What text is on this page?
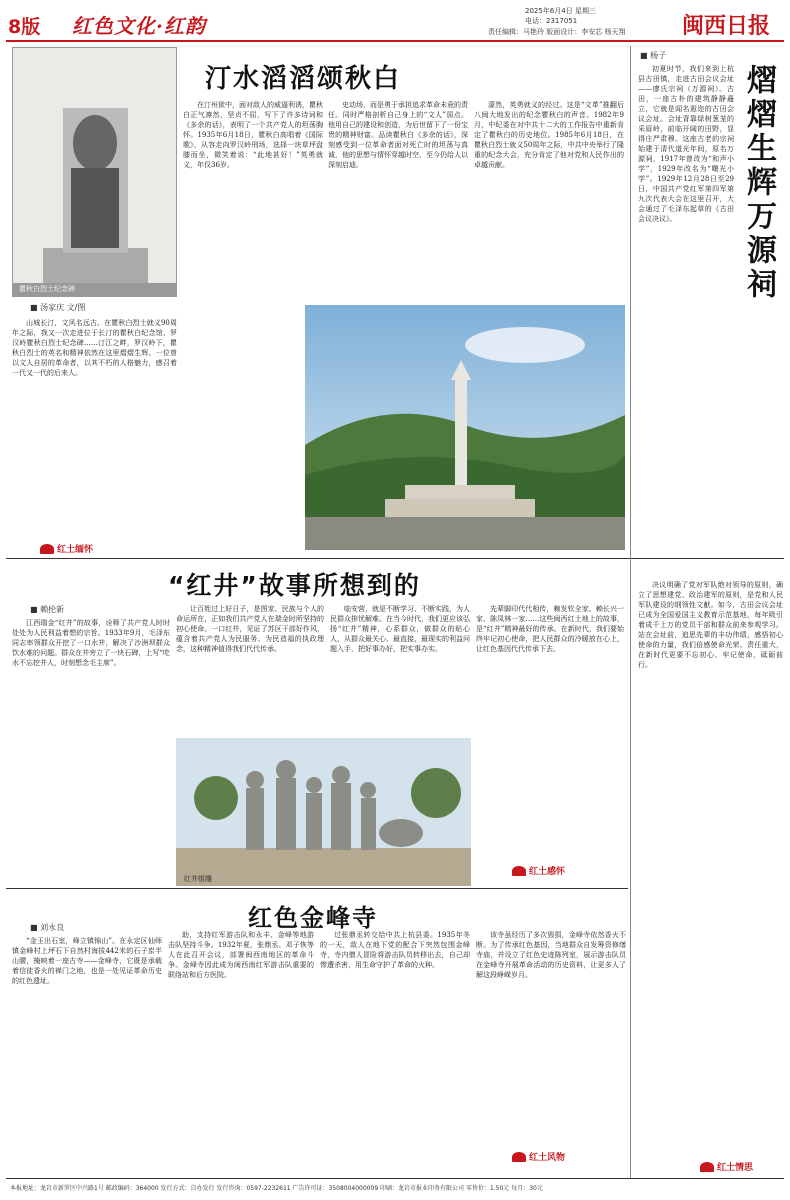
8版 红色文化·红韵
2025年6月4日 星期三
电话：2317051
责任编辑：马艳玲 版面设计：李安芯 杨天翔	闽西日报
汀水滔滔颂秋白
瞿秋白烈士纪念碑
■ 汤家庆 文/图

山城长汀，文风名远古。在瞿秋白烈士就义90周年之际，我又一次走进位于长汀的瞿秋白纪念馆、罗汉岭瞿秋白烈士纪念碑……汀江之畔，罗汉岭下，瞿秋白烈士的英名和精神依然在这里熠熠生辉。一位曾以文人自居的革命者，以其不朽的人格魅力，感召着一代又一代的后来人。

红土缅怀

在汀州狱中，面对敌人的威逼利诱，瞿秋白正气凛然，坚贞不屈，写下了许多诗词和《多余的话》，表明了一个共产党人的坦荡胸怀。1935年6月18日，瞿秋白高唱着《国际歌》，从容走向罗汉岭刑场，选择一块草坪盘膝而坐，微笑着说：“此地甚好！”英勇就义，年仅36岁。

史动场，而是勇于承担追求革命未竟的责任。同时严格剖析自己身上的“文人”弱点。他用自己的建设和创造，为后世留下了一份宝贵的精神财富。品读瞿秋白《多余的话》，深刻感受到一位革命者面对死亡时的坦荡与真诚，他的思想与情怀穿越时空，至今仍给人以深刻启迪。

濛然，英勇就义的经过。这是“文革”推翻后八闽大地发出的纪念瞿秋白的声音。1982年9月，中纪委在对中共十二大的工作报告中重新肯定了瞿秋白的历史地位。1985年6月18日，在瞿秋白烈士就义50周年之际，中共中央举行了隆重的纪念大会，充分肯定了他对党和人民作出的卓越贡献。

“红井”故事所想到的
■ 赖抡新

江西瑞金“红井”的故事，诠释了共产党人时时处处为人民利益着想的宗旨。1933年9月，毛泽东同志率领群众开挖了一口水井，解决了沙洲坝群众饮水难的问题。群众在井旁立了一块石碑，上写“吃水不忘挖井人，时刻想念毛主席”。

让百姓过上好日子，是图家、民族与个人的命运所在，正如我们共产党人在瑞金时所坚持的初心使命。一口红井，见证了苏区干部好作风，蕴含着共产党人为民服务、为民造福的执政理念，这种精神值得我们代代传承。

临安营，就是不断学习、不断实践，为人民群众排忧解难。在当今时代，我们更应该弘扬“红井”精神，心系群众，做群众的贴心人，从群众最关心、最直接、最现实的利益问题入手，把好事办好，把实事办实。

先辈脚印代代相传，赖发钦全家、赖长兴一家、陈凤林一家……这些闽西红土地上的故事，是“红井”精神最好的传承。在新时代，我们要始终牢记初心使命，把人民群众的冷暖放在心上，让红色基因代代传承下去。

红井组雕
红土感怀
红色金峰寺
■ 刘永良

“金玉出石室，峰立镇锦山”。在永定区仙师镇金峰村上坪石下自然村海拔442米的石子岽半山腰，掩映着一座古寺——金峰寺，它既是承载着信徒香火的禅门之地，也是一处见证革命历史的红色遗址。

助，支持红军游击队和永丰、金峰等地游击队坚持斗争。1932年夏，张鼎丞、邓子恢等人在此召开会议，部署闽西南地区的革命斗争。金峰寺因此成为闽西南红军游击队重要的联络站和后方医院。

过张鼎丞转交给中共上杭县委。1935年冬的一天，敌人在地下党的配合下突然包围金峰寺，寺内僧人冒险将游击队员转移出去，自己却惨遭杀害，用生命守护了革命的火种。

该寺虽经历了多次毁损，金峰寺依然香火不断。为了传承红色基因，当地群众自发筹资修缮寺庙，并设立了红色史迹陈列室，展示游击队员在金峰寺开展革命活动的历史资料，让更多人了解这段峥嵘岁月。

红土风物
■ 杨子
熠熠生辉万源祠

初夏时节，我们来到上杭县古田镇，走进古田会议会址——廖氏宗祠（万源祠）。古田，一座古朴的建筑静静矗立，它就是闻名遐迩的古田会议会址。会址背靠绿树葱茏的采眉岭，前临开阔的田野，显得庄严肃穆。这座古老的宗祠始建于清代道光年间，原名万源祠，1917年曾改为“和声小学”，1929年改名为“曙光小学”。1929年12月28日至29日，中国共产党红军第四军第九次代表大会在这里召开，大会通过了毛泽东起草的《古田会议决议》。

决议明确了党对军队绝对领导的原则，确立了思想建党、政治建军的原则，是党和人民军队建设的纲领性文献。如今，古田会议会址已成为全国爱国主义教育示范基地，每年吸引着成千上万的党员干部和群众前来参观学习。站在会址前，追思先辈的丰功伟绩，感悟初心使命的力量，我们倍感使命光荣、责任重大，在新时代更要不忘初心、牢记使命，砥砺前行。

红土情思
本报地址：龙岩市新罗区中兴路1号 邮政编码：364000 发行方式：自办发行 发行咨询：0597-2232611 广告许可证：3508004000009 印刷：龙岩市报业印务有限公司 零售价：1.50元 每月：30元
